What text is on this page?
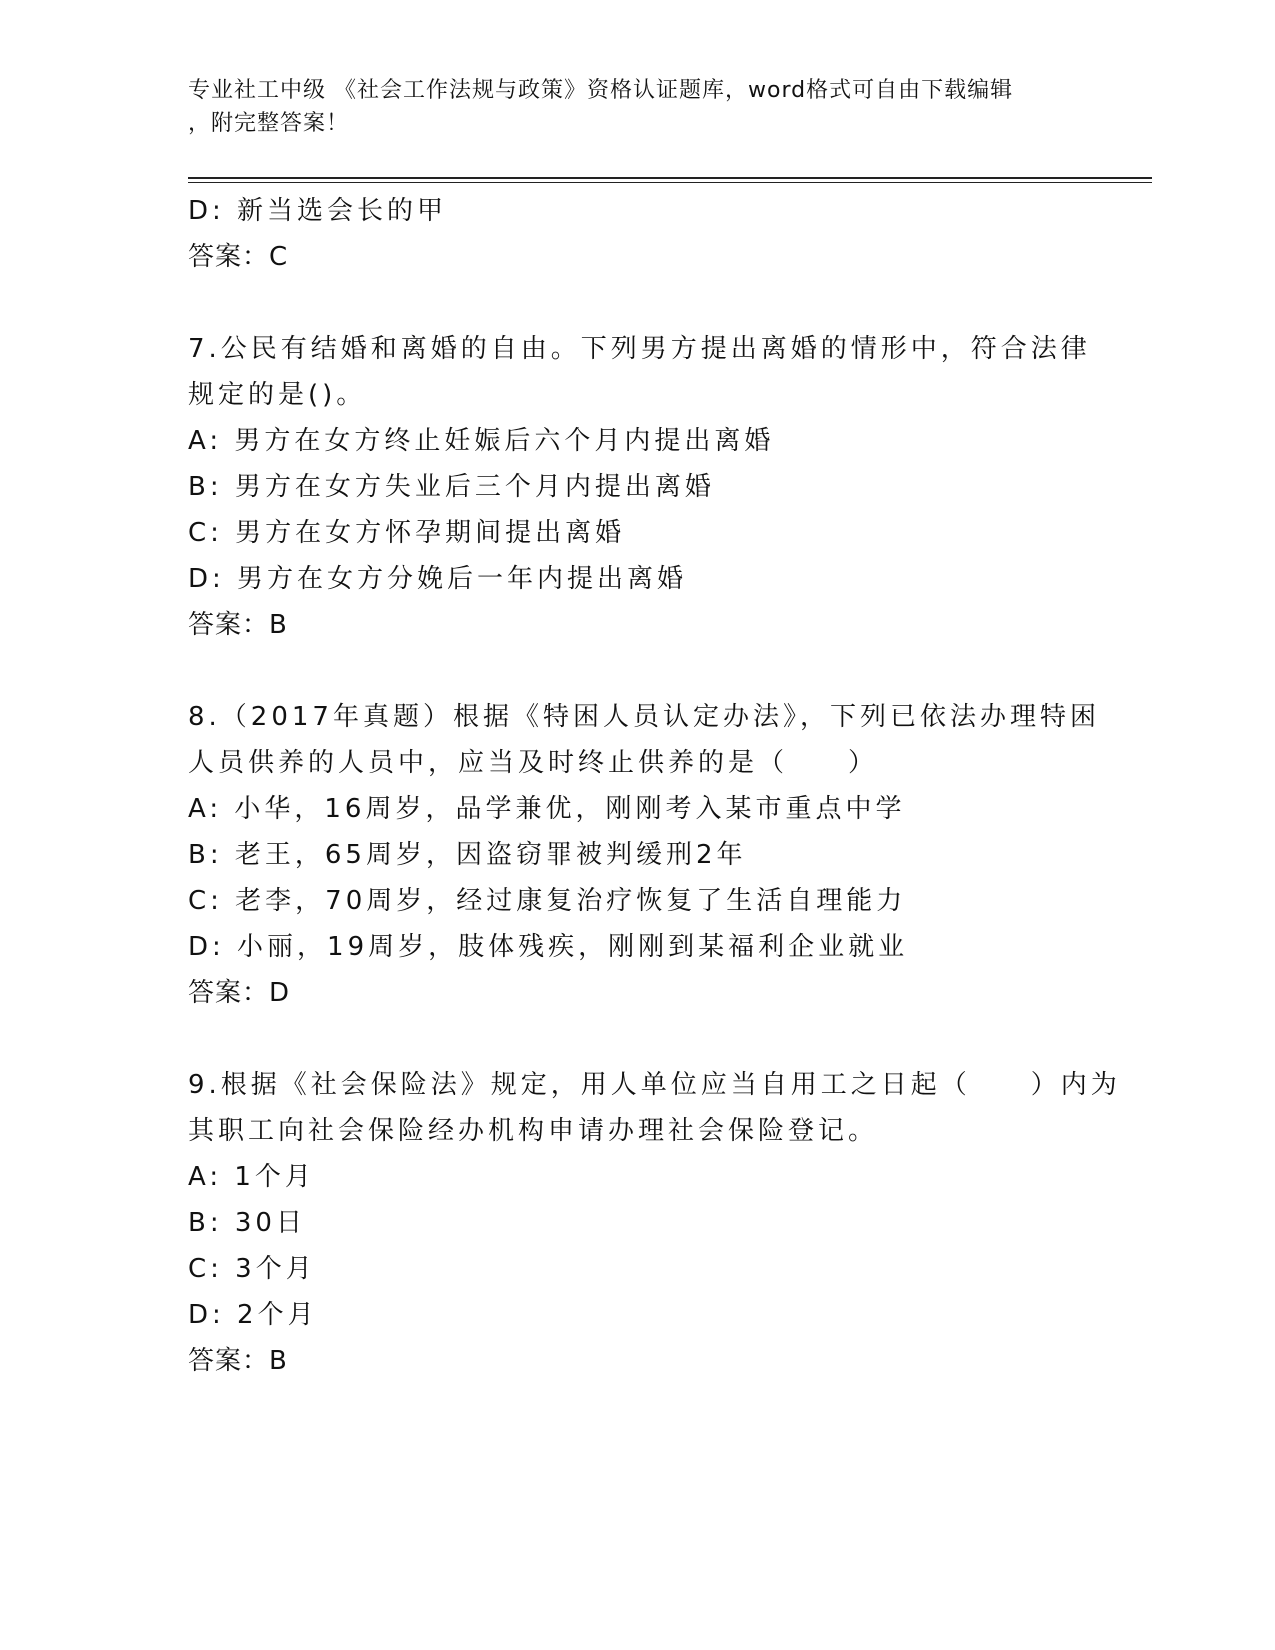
专业社工中级 《社会工作法规与政策》资格认证题库，word格式可自由下载编辑
，附完整答案！
D: 新当选会长的甲
答案：C
7.公民有结婚和离婚的自由。下列男方提出离婚的情形中，符合法律
规定的是()。
A: 男方在女方终止妊娠后六个月内提出离婚
B: 男方在女方失业后三个月内提出离婚
C: 男方在女方怀孕期间提出离婚
D: 男方在女方分娩后一年内提出离婚
答案：B
8.（2017年真题）根据《特困人员认定办法》，下列已依法办理特困
人员供养的人员中，应当及时终止供养的是（　　）
A: 小华，16周岁，品学兼优，刚刚考入某市重点中学
B: 老王，65周岁，因盗窃罪被判缓刑2年
C: 老李，70周岁，经过康复治疗恢复了生活自理能力
D: 小丽，19周岁，肢体残疾，刚刚到某福利企业就业
答案：D
9.根据《社会保险法》规定，用人单位应当自用工之日起（　　）内为
其职工向社会保险经办机构申请办理社会保险登记。
A: 1个月
B: 30日
C: 3个月
D: 2个月
答案：B
